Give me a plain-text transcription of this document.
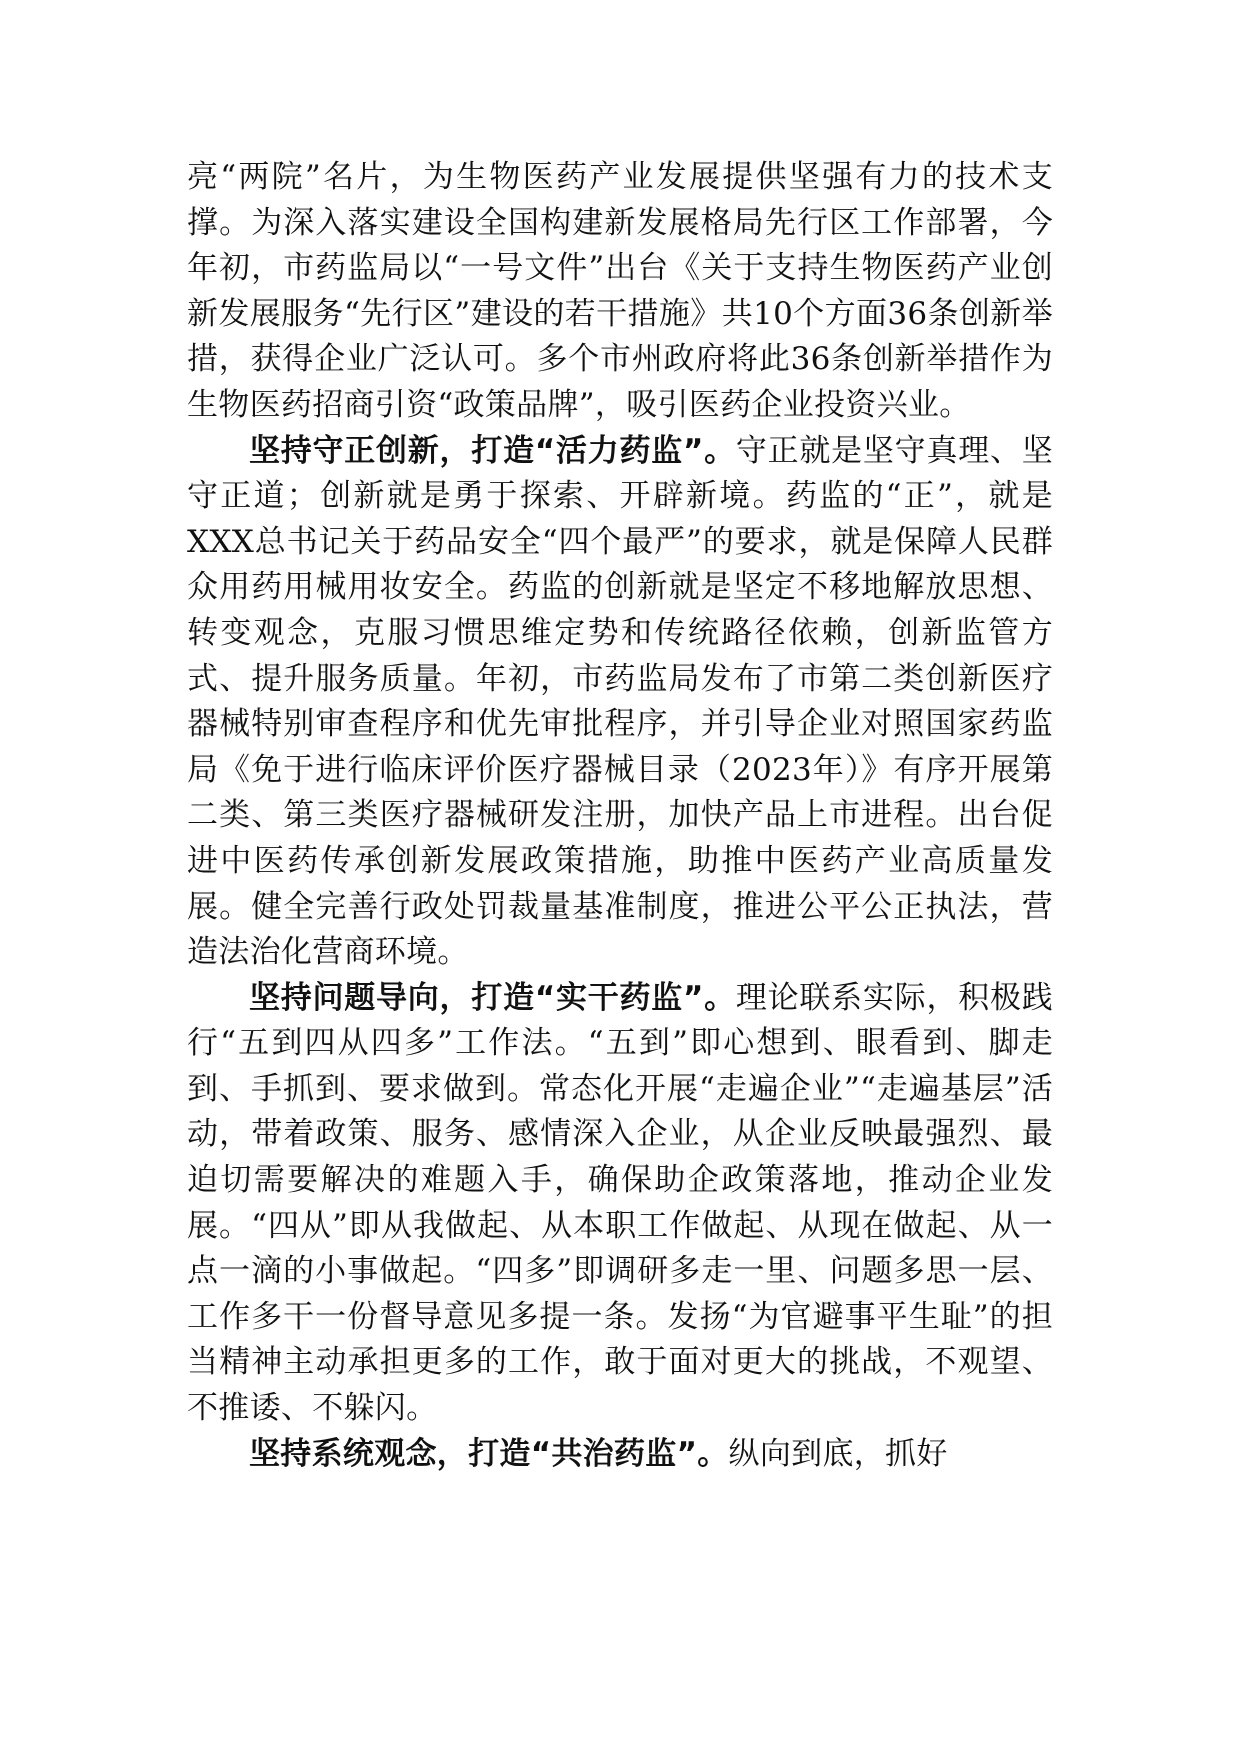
亮“两院”名片，为生物医药产业发展提供坚强有力的技术支撑。为深入落实建设全国构建新发展格局先行区工作部署，今年初，市药监局以“一号文件”出台《关于支持生物医药产业创新发展服务“先行区”建设的若干措施》共10个方面36条创新举措，获得企业广泛认可。多个市州政府将此36条创新举措作为生物医药招商引资“政策品牌”，吸引医药企业投资兴业。

坚持守正创新，打造“活力药监”。守正就是坚守真理、坚守正道；创新就是勇于探索、开辟新境。药监的“正”，就是XXX总书记关于药品安全“四个最严”的要求，就是保障人民群众用药用械用妆安全。药监的创新就是坚定不移地解放思想、转变观念，克服习惯思维定势和传统路径依赖，创新监管方式、提升服务质量。年初，市药监局发布了市第二类创新医疗器械特别审查程序和优先审批程序，并引导企业对照国家药监局《免于进行临床评价医疗器械目录（2023年）》有序开展第二类、第三类医疗器械研发注册，加快产品上市进程。出台促进中医药传承创新发展政策措施，助推中医药产业高质量发展。健全完善行政处罚裁量基准制度，推进公平公正执法，营造法治化营商环境。

坚持问题导向，打造“实干药监”。理论联系实际，积极践行“五到四从四多”工作法。“五到”即心想到、眼看到、脚走到、手抓到、要求做到。常态化开展“走遍企业”“走遍基层”活动，带着政策、服务、感情深入企业，从企业反映最强烈、最迫切需要解决的难题入手，确保助企政策落地，推动企业发展。“四从”即从我做起、从本职工作做起、从现在做起、从一点一滴的小事做起。“四多”即调研多走一里、问题多思一层、工作多干一份督导意见多提一条。发扬“为官避事平生耻”的担当精神主动承担更多的工作，敢于面对更大的挑战，不观望、不推诿、不躲闪。

坚持系统观念，打造“共治药监”。纵向到底，抓好
